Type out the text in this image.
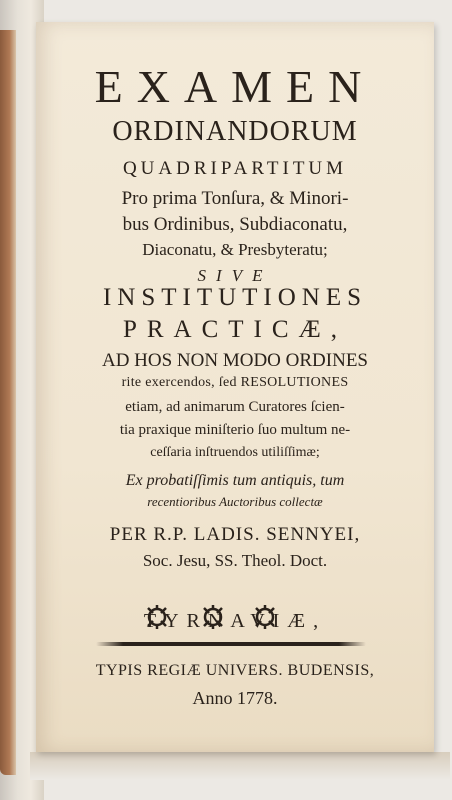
EXAMEN
ORDINANDORUM
QUADRIPARTITUM
Pro prima Tonſura, & Minori-
bus Ordinibus, Subdiaconatu,
Diaconatu, & Presbyteratu;
SIVE
INSTITUTIONES
PRACTICÆ,
AD HOS NON MODO ORDINES
rite exercendos, ſed RESOLUTIONES
etiam, ad animarum Curatores ſcien-
tia praxique miniſterio ſuo multum ne-
ceſſaria inſtruendos utiliſſimæ;
Ex probatiſſimis tum antiquis, tum
recentioribus Auctoribus collectæ
PER R.P. LADIS. SENNYEI,
Soc. Jesu, SS. Theol. Doct.
TYRNAVIÆ,
TYPIS REGIÆ UNIVERS. BUDENSIS,
Anno 1778.
